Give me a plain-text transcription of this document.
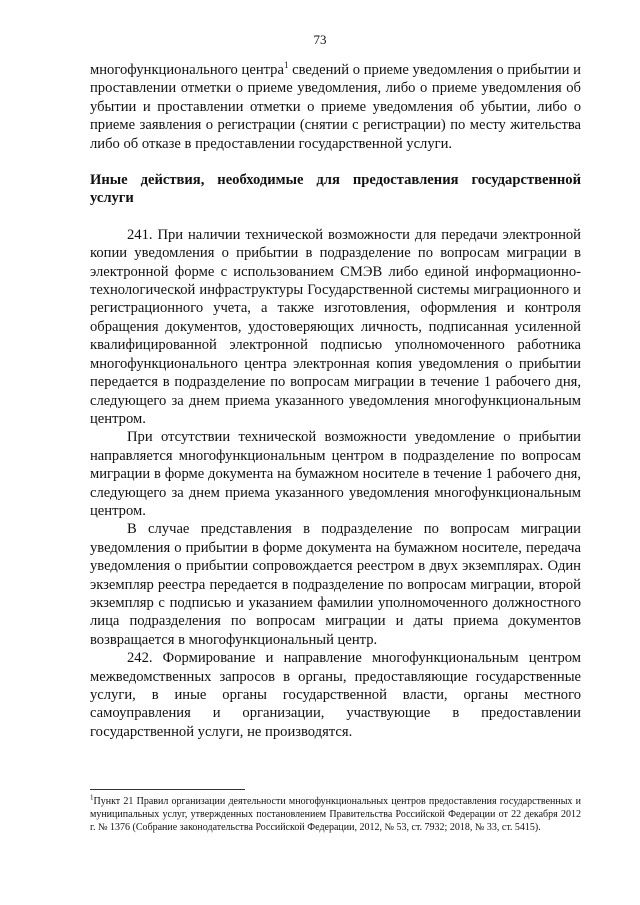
73

многофункционального центра$^1$ сведений о приеме уведомления о прибытии и проставлении отметки о приеме уведомления, либо о приеме уведомления об убытии и проставлении отметки о приеме уведомления об убытии, либо о приеме заявления о регистрации (снятии с регистрации) по месту жительства либо об отказе в предоставлении государственной услуги.

Иные действия, необходимые для предоставления государственной услуги

241. При наличии технической возможности для передачи электронной копии уведомления о прибытии в подразделение по вопросам миграции в электронной форме с использованием СМЭВ либо единой информационно-технологической инфраструктуры Государственной системы миграционного и регистрационного учета, а также изготовления, оформления и контроля обращения документов, удостоверяющих личность, подписанная усиленной квалифицированной электронной подписью уполномоченного работника многофункционального центра электронная копия уведомления о прибытии передается в подразделение по вопросам миграции в течение 1 рабочего дня, следующего за днем приема указанного уведомления многофункциональным центром.

При отсутствии технической возможности уведомление о прибытии направляется многофункциональным центром в подразделение по вопросам миграции в форме документа на бумажном носителе в течение 1 рабочего дня, следующего за днем приема указанного уведомления многофункциональным центром.

В случае представления в подразделение по вопросам миграции уведомления о прибытии в форме документа на бумажном носителе, передача уведомления о прибытии сопровождается реестром в двух экземплярах. Один экземпляр реестра передается в подразделение по вопросам миграции, второй экземпляр с подписью и указанием фамилии уполномоченного должностного лица подразделения по вопросам миграции и даты приема документов возвращается в многофункциональный центр.

242. Формирование и направление многофункциональным центром межведомственных запросов в органы, предоставляющие государственные услуги, в иные органы государственной власти, органы местного самоуправления и организации, участвующие в предоставлении государственной услуги, не производятся.

$^1$Пункт 21 Правил организации деятельности многофункциональных центров предоставления государственных и муниципальных услуг, утвержденных постановлением Правительства Российской Федерации от 22 декабря 2012 г. № 1376 (Собрание законодательства Российской Федерации, 2012, № 53, ст. 7932; 2018, № 33, ст. 5415).
